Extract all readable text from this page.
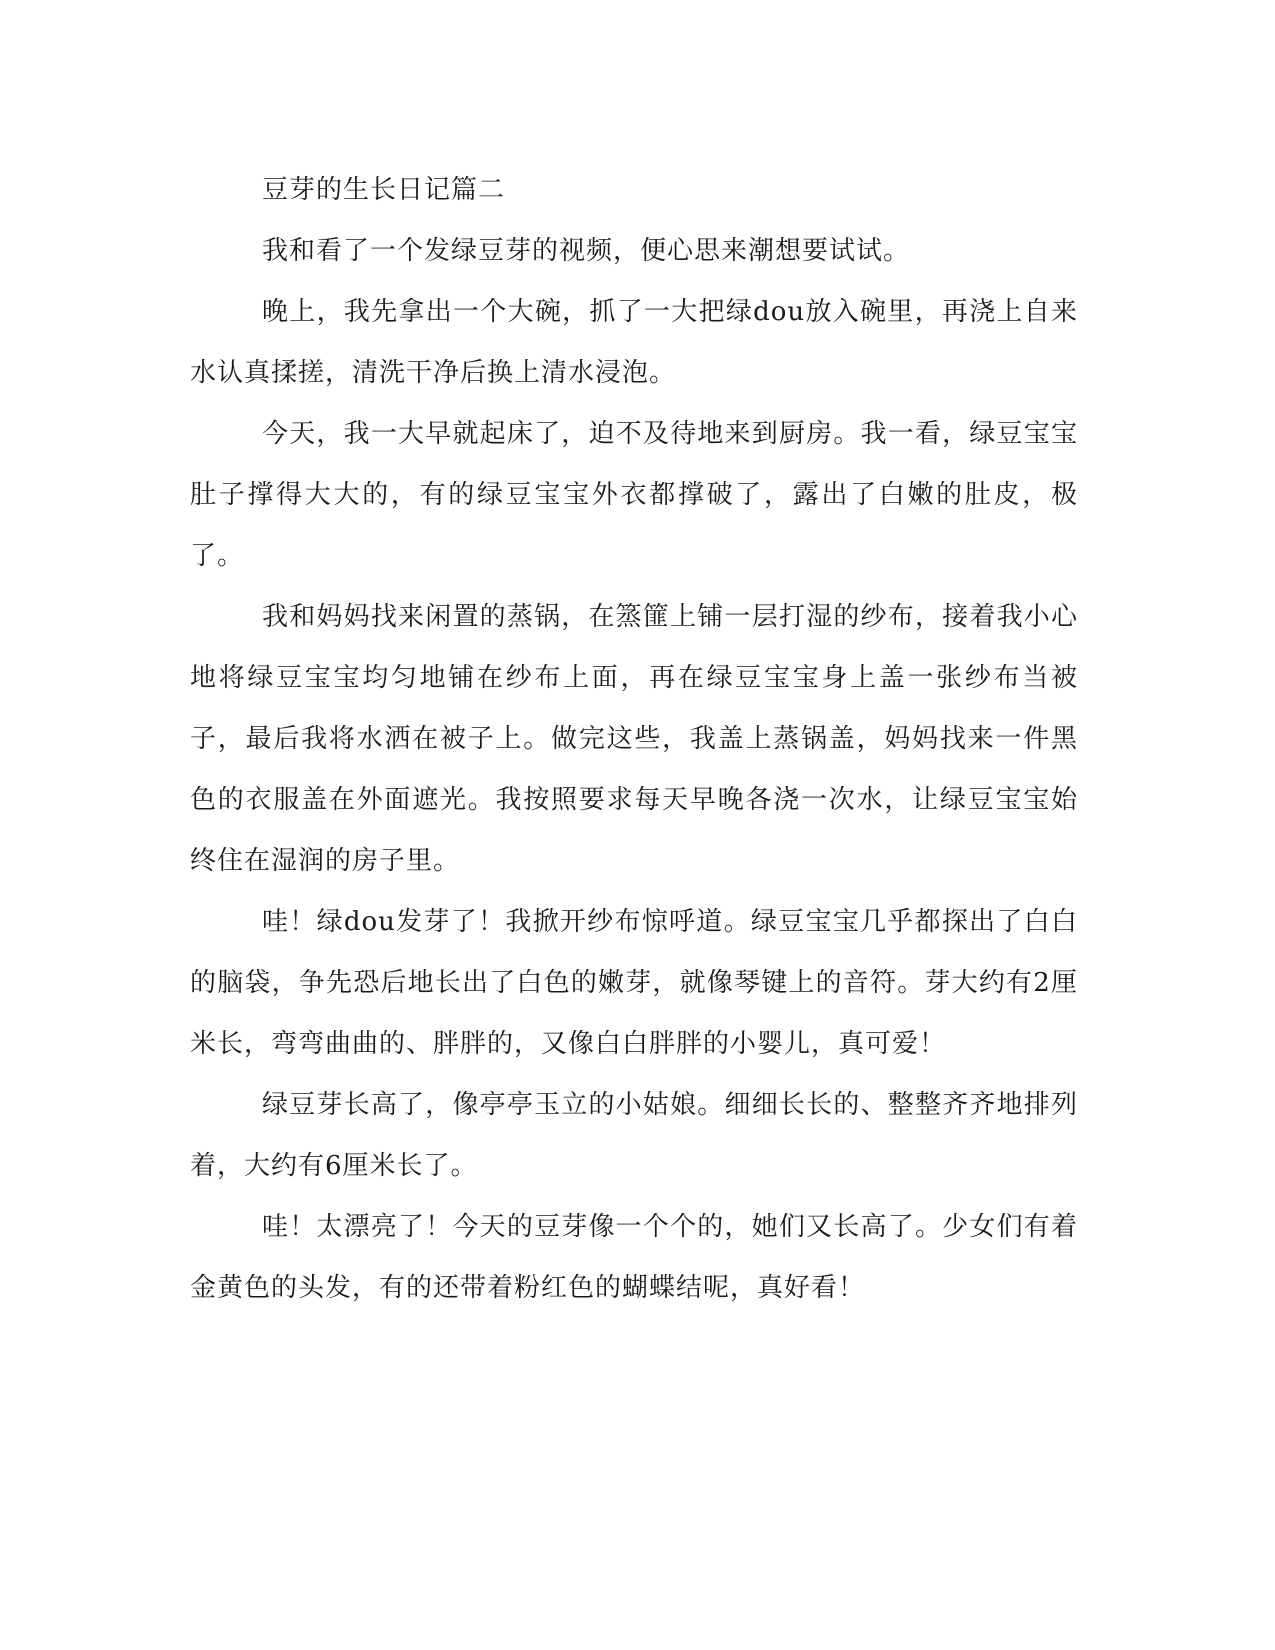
豆芽的生长日记篇二

我和看了一个发绿豆芽的视频，便心思来潮想要试试。

晚上，我先拿出一个大碗，抓了一大把绿dou放入碗里，再浇上自来水认真揉搓，清洗干净后换上清水浸泡。

今天，我一大早就起床了，迫不及待地来到厨房。我一看，绿豆宝宝肚子撑得大大的，有的绿豆宝宝外衣都撑破了，露出了白嫩的肚皮，极了。

我和妈妈找来闲置的蒸锅，在篜篚上铺一层打湿的纱布，接着我小心地将绿豆宝宝均匀地铺在纱布上面，再在绿豆宝宝身上盖一张纱布当被子，最后我将水洒在被子上。做完这些，我盖上蒸锅盖，妈妈找来一件黑色的衣服盖在外面遮光。我按照要求每天早晚各浇一次水，让绿豆宝宝始终住在湿润的房子里。

哇！绿dou发芽了！我掀开纱布惊呼道。绿豆宝宝几乎都探出了白白的脑袋，争先恐后地长出了白色的嫩芽，就像琴键上的音符。芽大约有2厘米长，弯弯曲曲的、胖胖的，又像白白胖胖的小婴儿，真可爱！

绿豆芽长高了，像亭亭玉立的小姑娘。细细长长的、整整齐齐地排列着，大约有6厘米长了。

哇！太漂亮了！今天的豆芽像一个个的，她们又长高了。少女们有着金黄色的头发，有的还带着粉红色的蝴蝶结呢，真好看！
